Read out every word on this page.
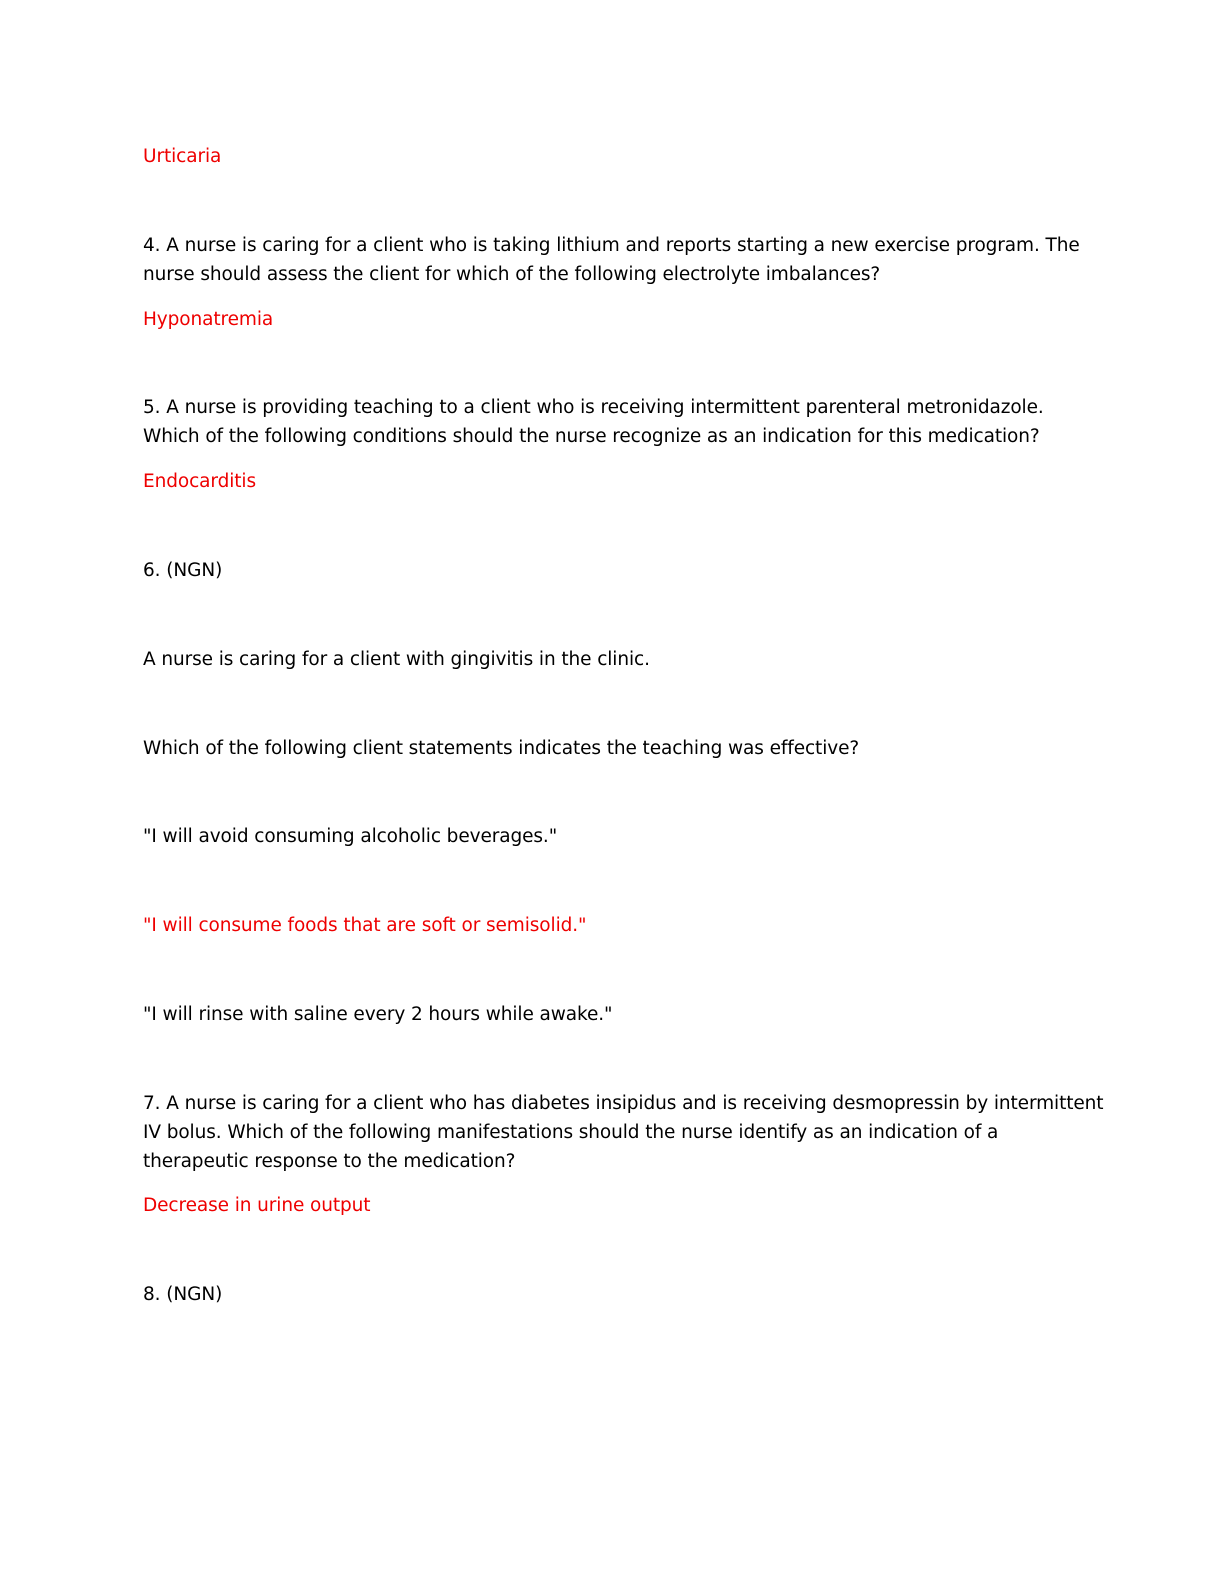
Urticaria
4. A nurse is caring for a client who is taking lithium and reports starting a new exercise program. The
nurse should assess the client for which of the following electrolyte imbalances?
Hyponatremia
5. A nurse is providing teaching to a client who is receiving intermittent parenteral metronidazole.
Which of the following conditions should the nurse recognize as an indication for this medication?
Endocarditis
6. (NGN)
A nurse is caring for a client with gingivitis in the clinic.
Which of the following client statements indicates the teaching was effective?
"I will avoid consuming alcoholic beverages."
"I will consume foods that are soft or semisolid."
"I will rinse with saline every 2 hours while awake."
7. A nurse is caring for a client who has diabetes insipidus and is receiving desmopressin by intermittent
IV bolus. Which of the following manifestations should the nurse identify as an indication of a
therapeutic response to the medication?
Decrease in urine output
8. (NGN)
